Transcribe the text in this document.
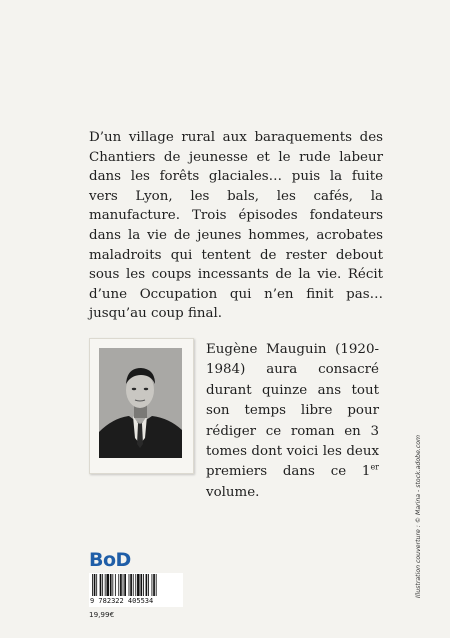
D’un village rural aux baraquements des Chantiers de jeunesse et le rude labeur dans les forêts glaciales… puis la fuite vers Lyon, les bals, les cafés, la manufacture. Trois épisodes fondateurs dans la vie de jeunes hommes, acrobates maladroits qui tentent de rester debout sous les coups incessants de la vie. Récit d’une Occupation qui n’en finit pas… jusqu’au coup final.

Eugène Mauguin (1920-1984) aura consacré durant quinze ans tout son temps libre pour rédiger ce roman en 3 tomes dont voici les deux premiers dans ce 1er volume.	Illustration couverture : © Marina - stock.adobe.com
BoD
9 782322 405534
19,99€
